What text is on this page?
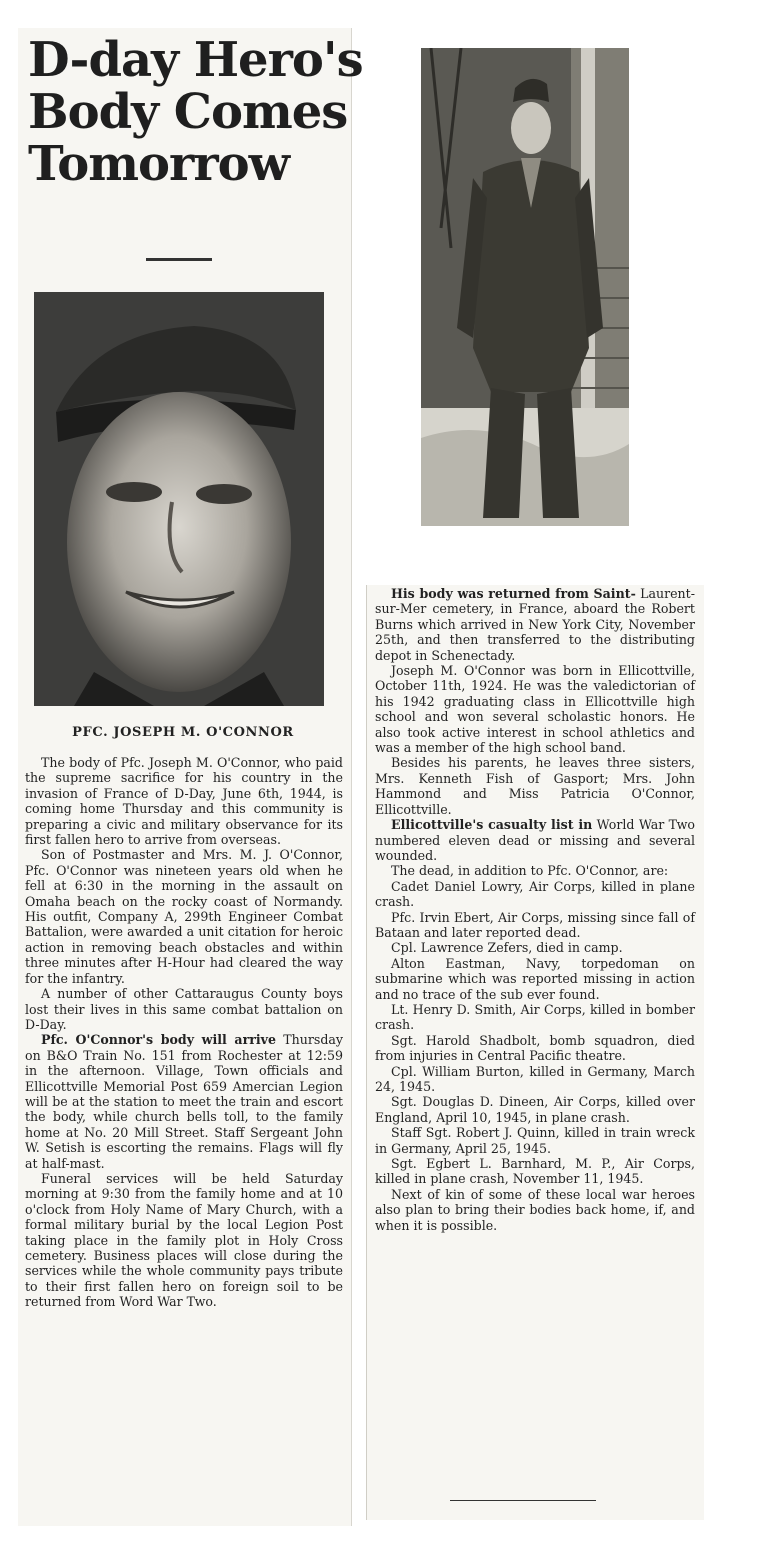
D-day Hero's
Body Comes
Tomorrow
PFC. JOSEPH M. O'CONNOR

The body of Pfc. Joseph M. O'Connor, who paid the supreme sacrifice for his country in the invasion of France of D-Day, June 6th, 1944, is coming home Thursday and this community is preparing a civic and military observance for its first fallen hero to arrive from overseas.

Son of Postmaster and Mrs. M. J. O'Connor, Pfc. O'Connor was nineteen years old when he fell at 6:30 in the morning in the assault on Omaha beach on the rocky coast of Normandy. His outfit, Company A, 299th Engineer Combat Battalion, were awarded a unit citation for heroic action in removing beach obstacles and within three minutes after H-Hour had cleared the way for the infantry.

A number of other Cattaraugus County boys lost their lives in this same combat battalion on D-Day.

Pfc. O'Connor's body will arrive Thursday on B&O Train No. 151 from Rochester at 12:59 in the afternoon. Village, Town officials and Ellicottville Memorial Post 659 Amercian Legion will be at the station to meet the train and escort the body, while church bells toll, to the family home at No. 20 Mill Street. Staff Sergeant John W. Setish is escorting the remains. Flags will fly at half-mast.

Funeral services will be held Saturday morning at 9:30 from the family home and at 10 o'clock from Holy Name of Mary Church, with a formal military burial by the local Legion Post taking place in the family plot in Holy Cross cemetery. Business places will close during the services while the whole community pays tribute to their first fallen hero on foreign soil to be returned from Word War Two.

His body was returned from Saint- Laurent-sur-Mer cemetery, in France, aboard the Robert Burns which arrived in New York City, November 25th, and then transferred to the distributing depot in Schenectady.

Joseph M. O'Connor was born in Ellicottville, October 11th, 1924. He was the valedictorian of his 1942 graduating class in Ellicottville high school and won several scholastic honors. He also took active interest in school athletics and was a member of the high school band.

Besides his parents, he leaves three sisters, Mrs. Kenneth Fish of Gasport; Mrs. John Hammond and Miss Patricia O'Connor, Ellicottville.

Ellicottville's casualty list in World War Two numbered eleven dead or missing and several wounded.

The dead, in addition to Pfc. O'Connor, are:

Cadet Daniel Lowry, Air Corps, killed in plane crash.

Pfc. Irvin Ebert, Air Corps, missing since fall of Bataan and later reported dead.

Cpl. Lawrence Zefers, died in camp.

Alton Eastman, Navy, torpedoman on submarine which was reported missing in action and no trace of the sub ever found.

Lt. Henry D. Smith, Air Corps, killed in bomber crash.

Sgt. Harold Shadbolt, bomb squadron, died from injuries in Central Pacific theatre.

Cpl. William Burton, killed in Germany, March 24, 1945.

Sgt. Douglas D. Dineen, Air Corps, killed over England, April 10, 1945, in plane crash.

Staff Sgt. Robert J. Quinn, killed in train wreck in Germany, April 25, 1945.

Sgt. Egbert L. Barnhard, M. P., Air Corps, killed in plane crash, November 11, 1945.

Next of kin of some of these local war heroes also plan to bring their bodies back home, if, and when it is possible.
